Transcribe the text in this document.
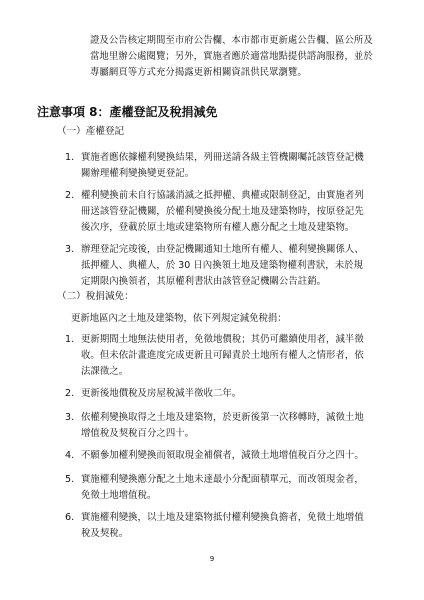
證及公告核定期間至市府公告欄、本市都市更新處公告欄、區公所及

當地里辦公處閱覽；另外，實施者應於適當地點提供諮詢服務，並於

專屬網頁等方式充分揭露更新相關資訊供民眾瀏覽。

注意事項 8：產權登記及稅捐減免

（一）產權登記

1. 實施者應依據權利變換結果，列冊送請各級主管機關囑託該管登記機
關辦理權利變換變更登記。
2. 權利變換前未自行協議消滅之抵押權、典權或限制登記，由實施者列
冊送該管登記機關，於權利變換後分配土地及建築物時，按原登記先
後次序，登載於原土地或建築物所有權人應分配之土地及建築物。
3. 辦理登記完竣後，由登記機關通知土地所有權人、權利變換關係人、
抵押權人、典權人，於 30 日內換領土地及建築物權利書狀，未於規
定期限內換領者，其原權利書狀由該管登記機關公告註銷。

（二）稅捐減免：

更新地區內之土地及建築物，依下列規定減免稅捐：

1. 更新期間土地無法使用者，免徵地價稅；其仍可繼續使用者，減半徵
收。但未依計畫進度完成更新且可歸責於土地所有權人之情形者，依
法課徵之。
2. 更新後地價稅及房屋稅減半徵收二年。
3. 依權利變換取得之土地及建築物，於更新後第一次移轉時，減徵土地
增值稅及契稅百分之四十。
4. 不願參加權利變換而領取現金補償者，減徵土地增值稅百分之四十。
5. 實施權利變換應分配之土地未達最小分配面積單元，而改領現金者，
免徵土地增值稅。
6. 實施權利變換，以土地及建築物抵付權利變換負擔者，免徵土地增值
稅及契稅。
9
